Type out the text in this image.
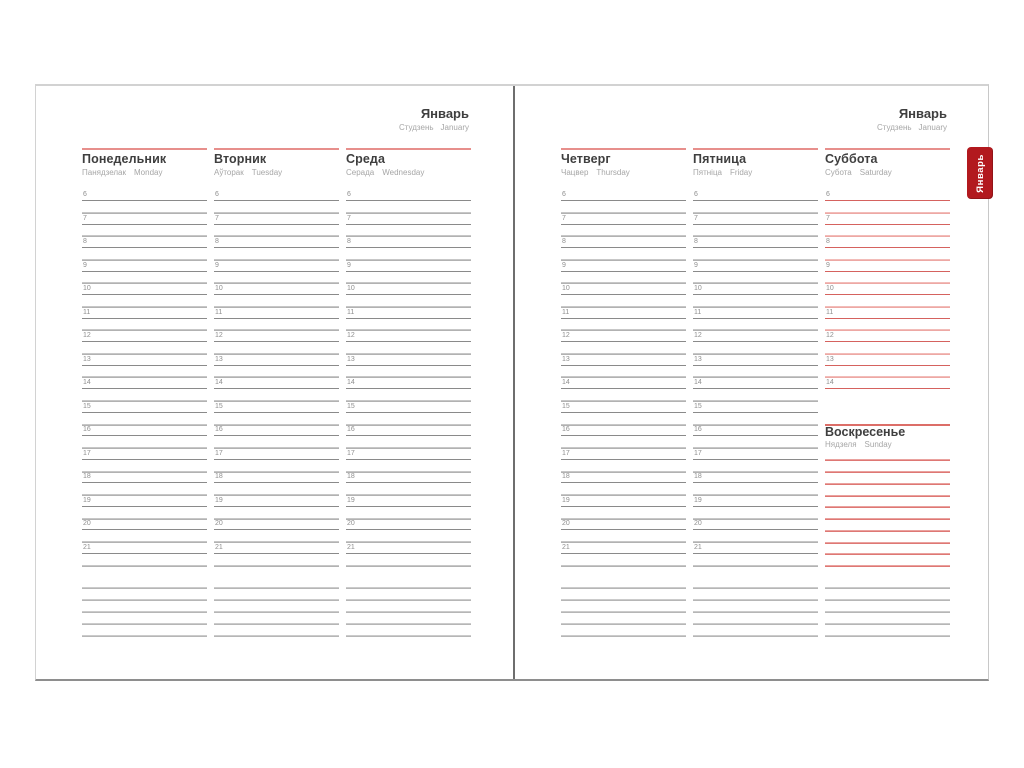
Январь
Студзень January
Понедельник
Панядзелак Monday
6
7
8
9
10
11
12
13
14
15
16
17
18
19
20
21
Вторник
Аўторак Tuesday
6
7
8
9
10
11
12
13
14
15
16
17
18
19
20
21
Среда
Серада Wednesday
6
7
8
9
10
11
12
13
14
15
16
17
18
19
20
21
Январь
Студзень January
Четверг
Чацвер Thursday
6
7
8
9
10
11
12
13
14
15
16
17
18
19
20
21
Пятница
Пятніца Friday
6
7
8
9
10
11
12
13
14
15
16
17
18
19
20
21
Суббота
Субота Saturday
6
7
8
9
10
11
12
13
14
Воскресенье
Нядзеля Sunday
Январь
